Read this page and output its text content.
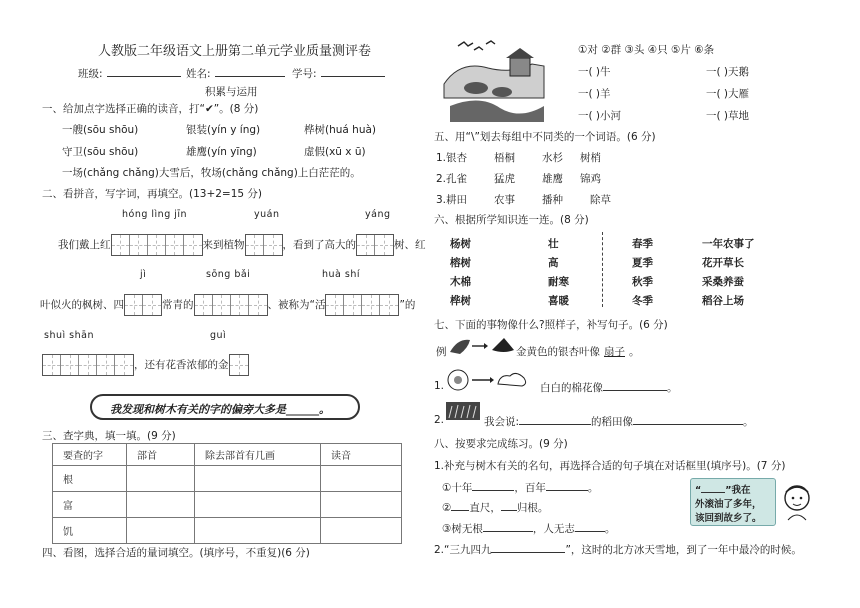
人教版二年级语文上册第二单元学业质量测评卷
班级:	姓名:	学号:
积累与运用
一、给加点字选择正确的读音，打“✔”。(8 分)
一艘(sōu shōu)	银装(yín y íng)	桦树(huá huà)
守卫(sōu shōu)	雄鹰(yín yīng)	虚假(xū x ū)
一场(chǎng chǎng)大雪后，牧场(chǎng chǎng)上白茫茫的。
二、看拼音，写字词，再填空。(13+2=15 分)
hóng lìng jīn	yuán	yáng
我们戴上红	来到植物	，看到了高大的	树、红
jì	sōng bǎi	huà shí
叶似火的枫树、四	常青的	、被称为“活	”的
shuì shān	guì
，还有花香浓郁的金
我发现和树木有关的字的偏旁大多是______。
三、查字典，填一填。(9 分)
要查的字	部首	除去部首有几画	读音
根			
富			
饥			
四、看图，选择合适的量词填空。(填序号，不重复)(6 分)
①对 ②群 ③头 ④只 ⑤片 ⑥条
一( )牛
一( )羊
一( )小河
一( )天鹅
一( )大雁
一( )草地
五、用“\”划去每组中不同类的一个词语。(6 分)
1.银杏	梧桐	水杉 树梢
2.孔雀	猛虎	雄鹰 锦鸡
3.耕田	农事	播种	除草
六、根据所学知识连一连。(8 分)
杨树
榕树
木棉
桦树
壮
高
耐寒
喜暖
春季
夏季
秋季
冬季
一年农事了
花开草长
采桑养蚕
稻谷上场
七、下面的事物像什么?照样子，补写句子。(6 分)
例	金黄色的银杏叶像 扇子 。
1.	白白的棉花像	。
2.	我会说:	的稻田像	。
八、按要求完成练习。(9 分)
1.补充与树木有关的名句，再选择合适的句子填在对话框里(填序号)。(7 分)
①十年	，百年	。
② 直尺， 归根。
③树无根	，人无志	。
“	”我在
外滚油了多年，
该回到故乡了。
2.“三九四九	”，这时的北方冰天雪地，到了一年中最冷的时候。
